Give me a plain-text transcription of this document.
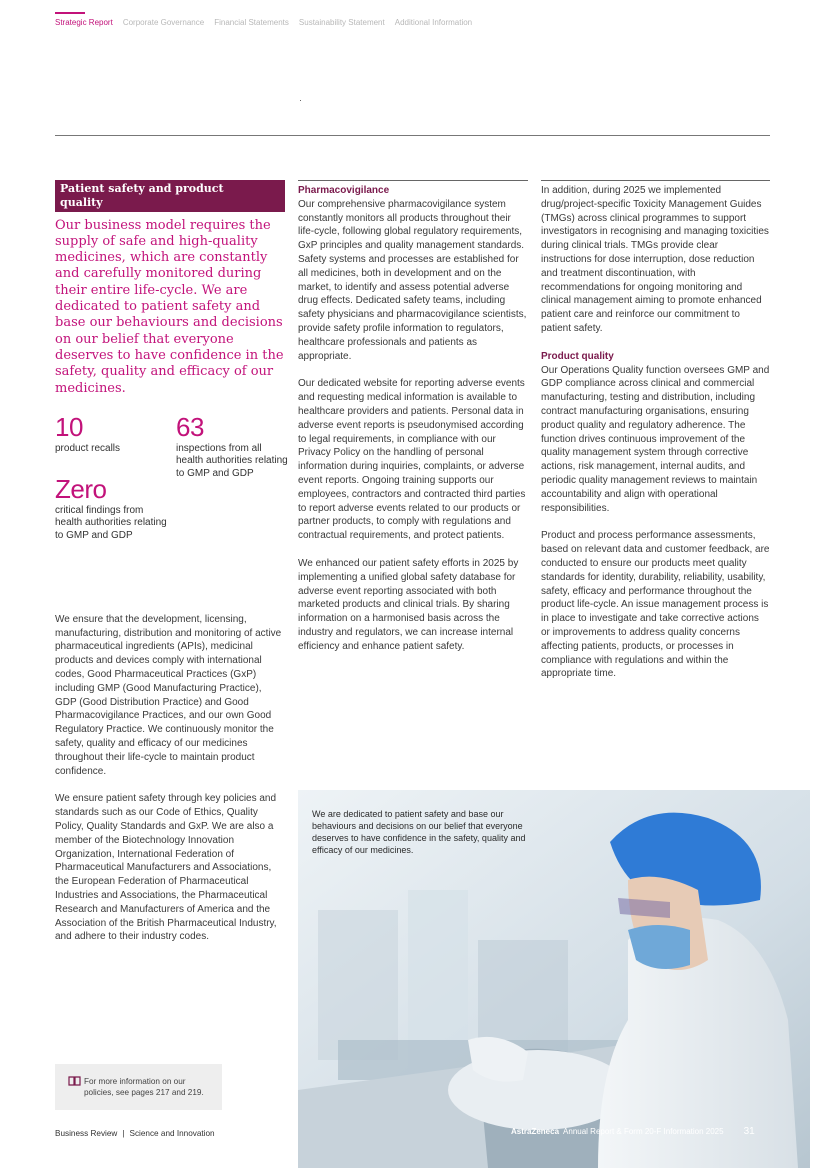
Strategic Report Corporate Governance Financial Statements Sustainability Statement Additional Information
Patient safety and product quality
Our business model requires the supply of safe and high-quality medicines, which are constantly and carefully monitored during their entire life-cycle. We are dedicated to patient safety and base our behaviours and decisions on our belief that everyone deserves to have confidence in the safety, quality and efficacy of our medicines.
10
product recalls
63
inspections from all health authorities relating to GMP and GDP
Zero
critical findings from health authorities relating to GMP and GDP

We ensure that the development, licensing, manufacturing, distribution and monitoring of active pharmaceutical ingredients (APIs), medicinal products and devices comply with international codes, Good Pharmaceutical Practices (GxP) including GMP (Good Manufacturing Practice), GDP (Good Distribution Practice) and Good Pharmacovigilance Practices, and our own Good Regulatory Practice. We continuously monitor the safety, quality and efficacy of our medicines throughout their life-cycle to maintain product confidence.

We ensure patient safety through key policies and standards such as our Code of Ethics, Quality Policy, Quality Standards and GxP. We are also a member of the Biotechnology Innovation Organization, International Federation of Pharmaceutical Manufacturers and Associations, the European Federation of Pharmaceutical Industries and Associations, the Pharmaceutical Research and Manufacturers of America and the Association of the British Pharmaceutical Industry, and adhere to their industry codes.

Pharmacovigilance

Our comprehensive pharmacovigilance system constantly monitors all products throughout their life-cycle, following global regulatory requirements, GxP principles and quality management standards. Safety systems and processes are established for all medicines, both in development and on the market, to identify and assess potential adverse drug effects. Dedicated safety teams, including safety physicians and pharmacovigilance scientists, provide safety profile information to regulators, healthcare professionals and patients as appropriate.

Our dedicated website for reporting adverse events and requesting medical information is available to healthcare providers and patients. Personal data in adverse event reports is pseudonymised according to legal requirements, in compliance with our Privacy Policy on the handling of personal information during inquiries, complaints, or adverse event reports. Ongoing training supports our employees, contractors and contracted third parties to report adverse events related to our products or partner products, to comply with regulations and contractual requirements, and protect patients.

We enhanced our patient safety efforts in 2025 by implementing a unified global safety database for adverse event reporting associated with both marketed products and clinical trials. By sharing information on a harmonised basis across the industry and regulators, we can increase internal efficiency and enhance patient safety.

In addition, during 2025 we implemented drug/project-specific Toxicity Management Guides (TMGs) across clinical programmes to support investigators in recognising and managing toxicities during clinical trials. TMGs provide clear instructions for dose interruption, dose reduction and treatment discontinuation, with recommendations for ongoing monitoring and clinical management aiming to promote enhanced patient care and reinforce our commitment to patient safety.

Product quality

Our Operations Quality function oversees GMP and GDP compliance across clinical and commercial manufacturing, testing and distribution, including contract manufacturing organisations, ensuring product quality and regulatory adherence. The function drives continuous improvement of the quality management system through corrective actions, risk management, internal audits, and periodic quality management reviews to maintain accountability and align with operational responsibilities.

Product and process performance assessments, based on relevant data and customer feedback, are conducted to ensure our products meet quality standards for identity, durability, reliability, usability, safety, efficacy and performance throughout the product life-cycle. An issue management process is in place to investigate and take corrective actions or improvements to address quality concerns affecting patients, products, or processes in compliance with regulations and within the appropriate time.

We are dedicated to patient safety and base our behaviours and decisions on our belief that everyone deserves to have confidence in the safety, quality and efficacy of our medicines.
For more information on our policies, see pages 217 and 219.
Business Review | Science and Innovation	AstraZeneca Annual Report & Form 20-F Information 2025 31
